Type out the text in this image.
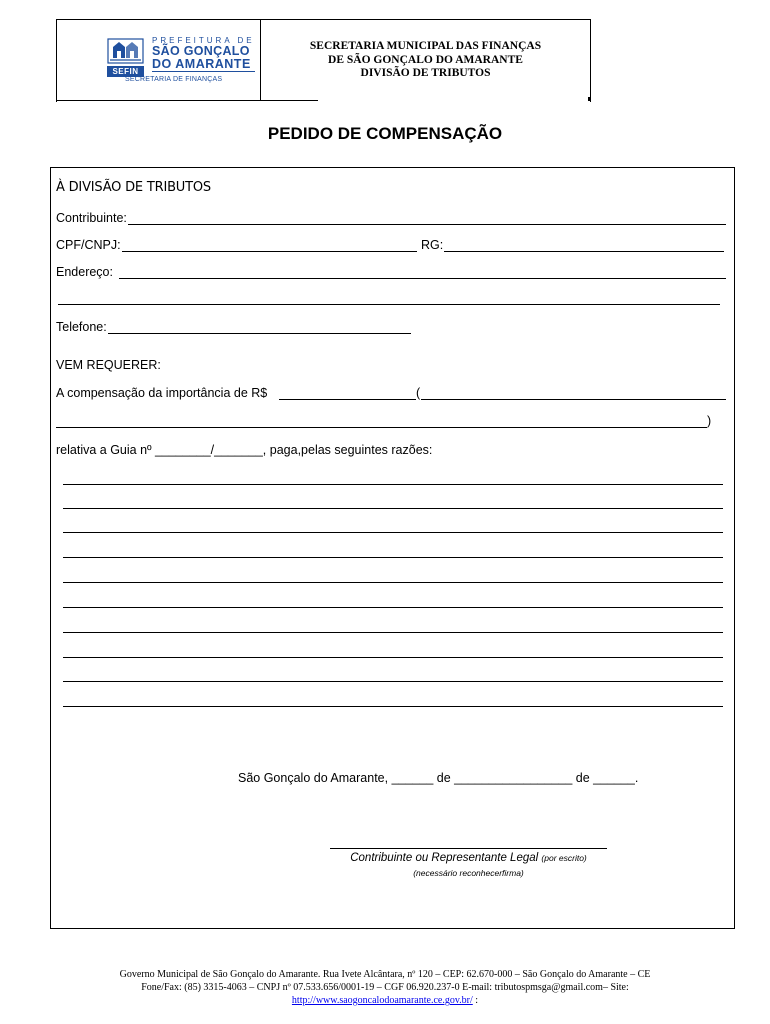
SEFIN
PREFEITURA DE
SÃO GONÇALO
DO AMARANTE
SECRETARIA DE FINANÇAS
SECRETARIA MUNICIPAL DAS FINANÇAS
DE SÃO GONÇALO DO AMARANTE
DIVISÃO DE TRIBUTOS
PEDIDO DE COMPENSAÇÃO
À DIVISÃO DE TRIBUTOS
Contribuinte:
CPF/CNPJ:	RG:
Endereço:
Telefone:
VEM REQUERER:
A compensação da importância de R$	(
)
relativa a Guia nº ________/_______, paga,pelas seguintes razões:
São Gonçalo do Amarante, ______ de _________________ de ______.
Contribuinte ou Representante Legal (por escrito)
(necessário reconhecerfirma)
Governo Municipal de São Gonçalo do Amarante. Rua Ivete Alcântara, nº 120 – CEP: 62.670-000 – São Gonçalo do Amarante – CE
Fone/Fax: (85) 3315-4063 – CNPJ nº 07.533.656/0001-19 – CGF 06.920.237-0 E-mail: tributospmsga@gmail.com– Site:
http://www.saogoncalodoamarante.ce.gov.br/ :
